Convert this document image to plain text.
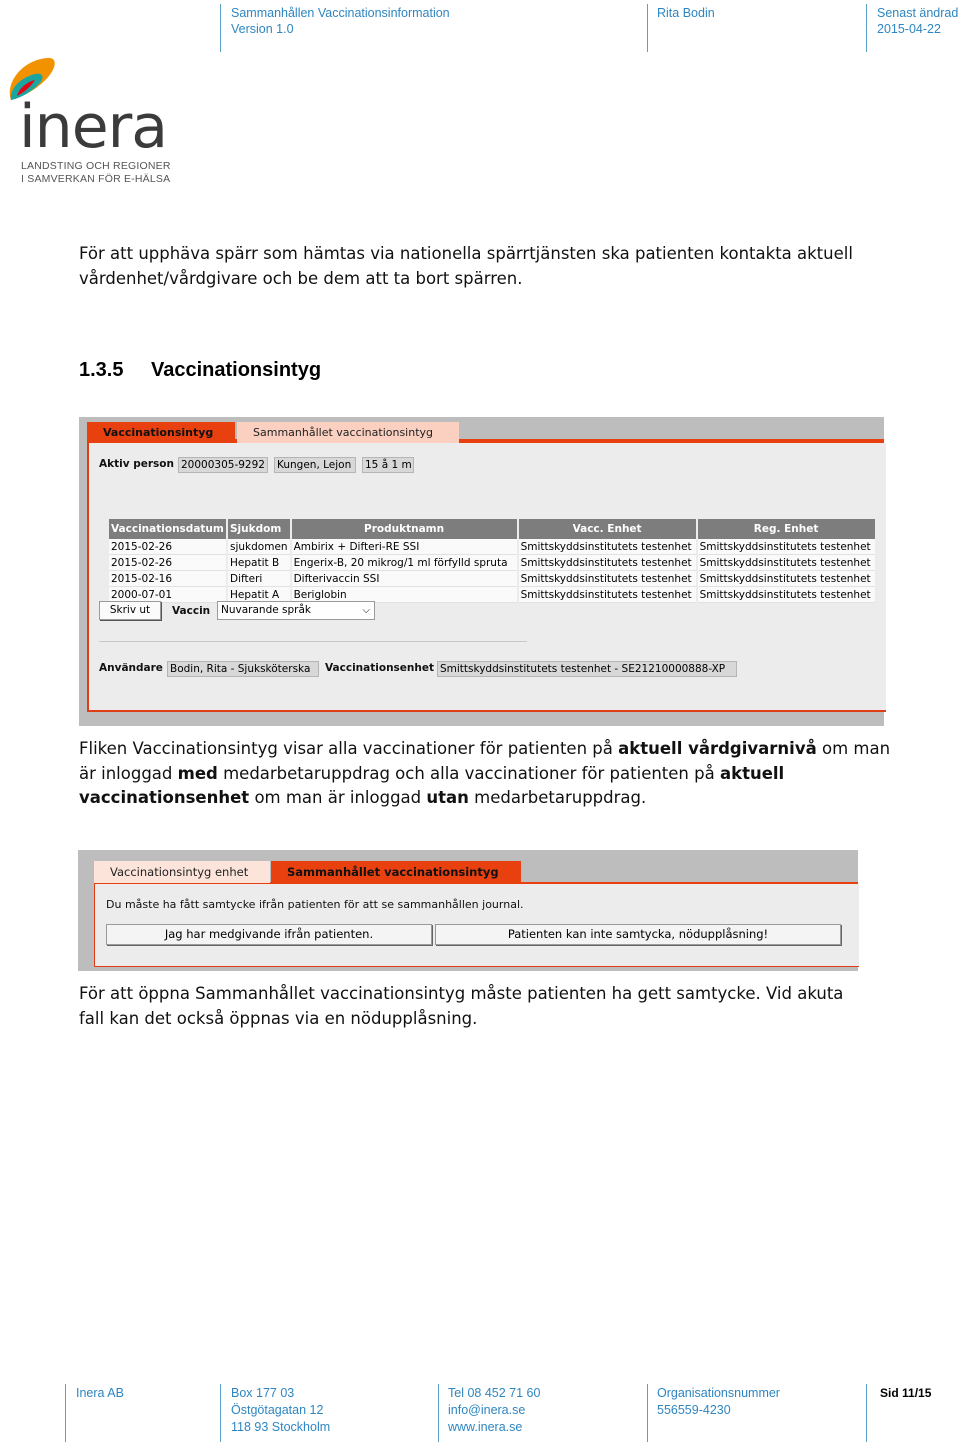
Sammanhållen Vaccinationsinformation
Version 1.0
Rita Bodin	Senast ändrad
2015-04-22
inera
LANDSTING OCH REGIONER
I SAMVERKAN FÖR E-HÄLSA
För att upphäva spärr som hämtas via nationella spärrtjänsten ska patienten kontakta aktuell
vårdenhet/vårdgivare och be dem att ta bort spärren.
1.3.5 Vaccinationsintyg
Vaccinationsintyg	Sammanhållet vaccinationsintyg
Aktiv person 20000305-9292 Kungen, Lejon	15 å 1 m
Vaccinationsdatum	Sjukdom	Produktnamn	Vacc. Enhet	Reg. Enhet
2015-02-26	sjukdomen	Ambirix + Difteri-RE SSI	Smittskyddsinstitutets testenhet	Smittskyddsinstitutets testenhet
2015-02-26	Hepatit B	Engerix-B, 20 mikrog/1 ml förfylld spruta	Smittskyddsinstitutets testenhet	Smittskyddsinstitutets testenhet
2015-02-16	Difteri	Difterivaccin SSI	Smittskyddsinstitutets testenhet	Smittskyddsinstitutets testenhet
2000-07-01	Hepatit A	Beriglobin	Smittskyddsinstitutets testenhet	Smittskyddsinstitutets testenhet
Skriv ut	Vaccin	Nuvarande språk	⌵
Användare Bodin, Rita - Sjuksköterska	Vaccinationsenhet Smittskyddsinstitutets testenhet - SE21210000888-XP
Fliken Vaccinationsintyg visar alla vaccinationer för patienten på aktuell vårdgivarnivå om man
är inloggad med medarbetaruppdrag och alla vaccinationer för patienten på aktuell
vaccinationsenhet om man är inloggad utan medarbetaruppdrag.
Vaccinationsintyg enhet	Sammanhållet vaccinationsintyg
Du måste ha fått samtycke ifrån patienten för att se sammanhållen journal.
Jag har medgivande ifrån patienten.	Patienten kan inte samtycka, nödupplåsning!
För att öppna Sammanhållet vaccinationsintyg måste patienten ha gett samtycke. Vid akuta
fall kan det också öppnas via en nödupplåsning.
Inera AB	Box 177 03
Östgötagatan 12
118 93 Stockholm
Tel 08 452 71 60
info@inera.se
www.inera.se
Organisationsnummer
556559-4230
Sid 11/15
